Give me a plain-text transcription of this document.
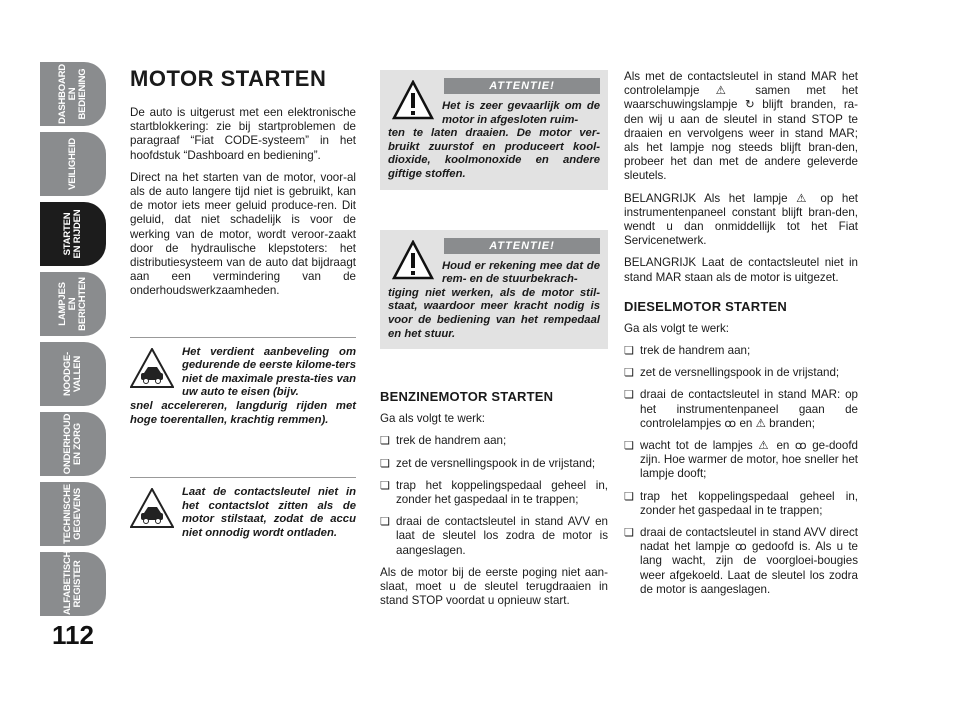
DASHBOARD
EN BEDIENING
VEILIGHEID
STARTEN
EN RIJDEN
LAMPJES
EN BERICHTEN
NOODGE-
VALLEN
ONDERHOUD
EN ZORG
TECHNISCHE
GEGEVENS
ALFABETISCH
REGISTER
112
MOTOR STARTEN

De auto is uitgerust met een elektronische startblokkering: zie bij startproblemen de paragraaf “Fiat CODE-systeem” in het hoofdstuk “Dashboard en bediening”.

Direct na het starten van de motor, voor-al als de auto langere tijd niet is gebruikt, kan de motor iets meer geluid produce-ren. Dit geluid, dat niet schadelijk is voor de werking van de motor, wordt veroor-zaakt door de hydraulische klepstoters: het distributiesysteem van de auto dat bijdraagt aan een vermindering van de onderhoudswerkzaamheden.

Het verdient aanbeveling om gedurende de eerste kilome-ters niet de maximale presta-ties van uw auto te eisen (bijv.
snel accelereren, langdurig rijden met hoge toerentallen, krachtig remmen).
Laat de contactsleutel niet in het contactslot zitten als de motor stilstaat, zodat de accu niet onnodig wordt ontladen.
ATTENTIE!
Het is zeer gevaarlijk om de motor in afgesloten ruim-
ten te laten draaien. De motor ver-bruikt zuurstof en produceert kool-dioxide, koolmonoxide en andere giftige stoffen.
ATTENTIE!
Houd er rekening mee dat de rem- en de stuurbekrach-
tiging niet werken, als de motor stil-staat, waardoor meer kracht nodig is voor de bediening van het rempedaal en het stuur.
BENZINEMOTOR STARTEN

Ga als volgt te werk:

❏ trek de handrem aan;
❏ zet de versnellingspook in de vrijstand;
❏ trap het koppelingspedaal geheel in, zonder het gaspedaal in te trappen;
❏ draai de contactsleutel in stand AVV en laat de sleutel los zodra de motor is aangeslagen.

Als de motor bij de eerste poging niet aan-slaat, moet u de sleutel terugdraaien in stand STOP voordat u opnieuw start.

Als met de contactsleutel in stand MAR het controlelampje ⚠ samen met het waarschuwingslampje ↻ blijft branden, ra-den wij u aan de sleutel in stand STOP te draaien en vervolgens weer in stand MAR; als het lampje nog steeds blijft bran-den, probeer het dan met de andere geleverde sleutels.

BELANGRIJK Als het lampje ⚠ op het instrumentenpaneel constant blijft bran-den, wendt u dan onmiddellijk tot het Fiat Servicenetwerk.

BELANGRIJK Laat de contactsleutel niet in stand MAR staan als de motor is uitgezet.

DIESELMOTOR STARTEN

Ga als volgt te werk:

❏ trek de handrem aan;
❏ zet de versnellingspook in de vrijstand;
❏ draai de contactsleutel in stand MAR: op het instrumentenpaneel gaan de controlelampjes ꝏ en ⚠ branden;
❏ wacht tot de lampjes ⚠ en ꝏ ge-doofd zijn. Hoe warmer de motor, hoe sneller het lampje dooft;
❏ trap het koppelingspedaal geheel in, zonder het gaspedaal in te trappen;
❏ draai de contactsleutel in stand AVV direct nadat het lampje ꝏ gedoofd is. Als u te lang wacht, zijn de voorgloei-bougies weer afgekoeld. Laat de sleutel los zodra de motor is aangeslagen.
